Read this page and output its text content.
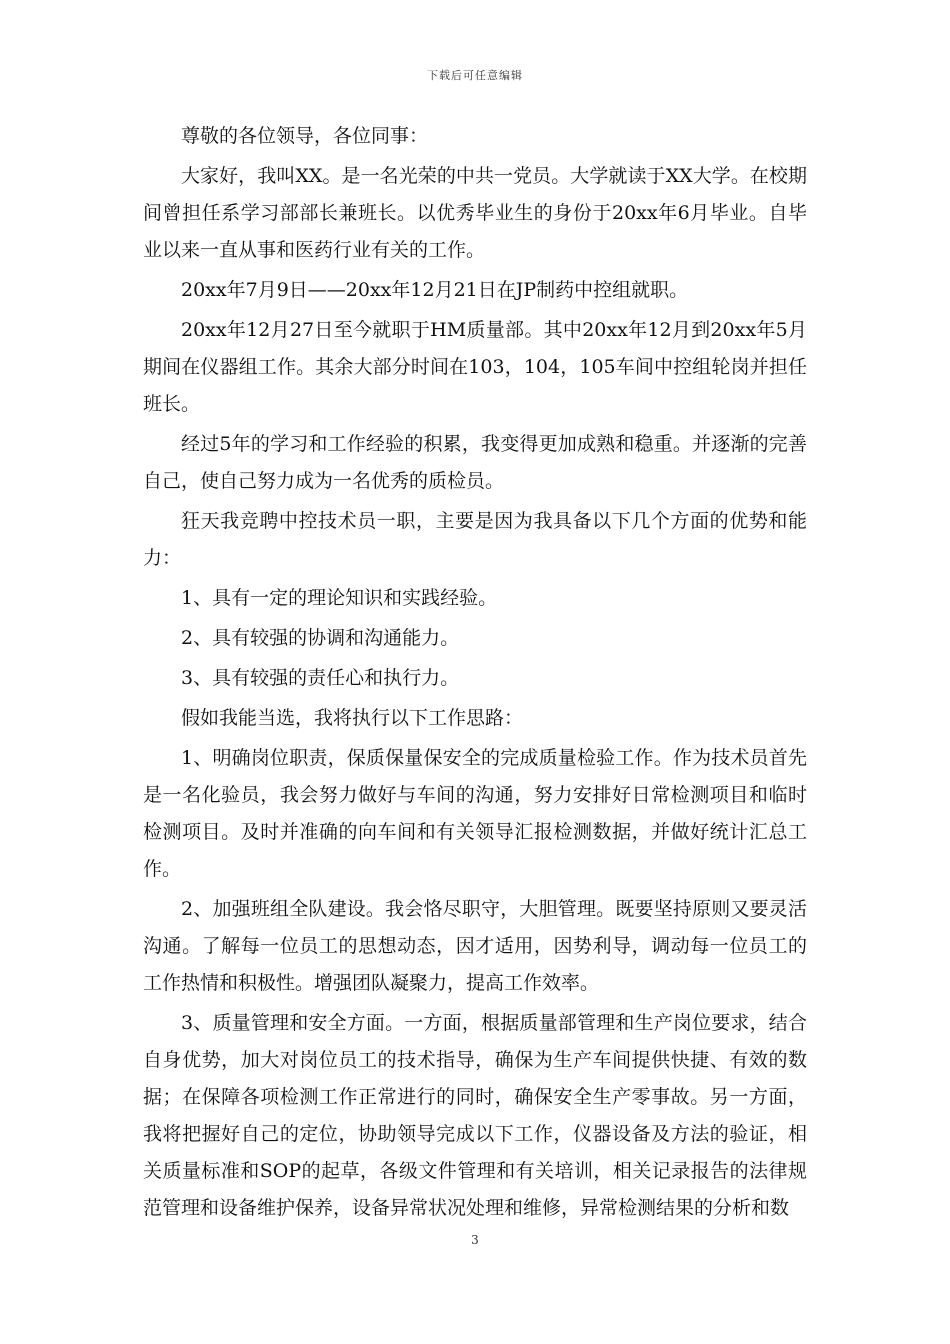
下载后可任意编辑

尊敬的各位领导，各位同事：

大家好，我叫XX。是一名光荣的中共一党员。大学就读于XX大学。在校期间曾担任系学习部部长兼班长。以优秀毕业生的身份于20xx年6月毕业。自毕业以来一直从事和医药行业有关的工作。

20xx年7月9日——20xx年12月21日在JP制药中控组就职。

20xx年12月27日至今就职于HM质量部。其中20xx年12月到20xx年5月期间在仪器组工作。其余大部分时间在103，104，105车间中控组轮岗并担任班长。

经过5年的学习和工作经验的积累，我变得更加成熟和稳重。并逐渐的完善自己，使自己努力成为一名优秀的质检员。

狂天我竞聘中控技术员一职，主要是因为我具备以下几个方面的优势和能力：

1、具有一定的理论知识和实践经验。

2、具有较强的协调和沟通能力。

3、具有较强的责任心和执行力。

假如我能当选，我将执行以下工作思路：

1、明确岗位职责，保质保量保安全的完成质量检验工作。作为技术员首先是一名化验员，我会努力做好与车间的沟通，努力安排好日常检测项目和临时检测项目。及时并准确的向车间和有关领导汇报检测数据，并做好统计汇总工作。

2、加强班组全队建设。我会恪尽职守，大胆管理。既要坚持原则又要灵活沟通。了解每一位员工的思想动态，因才适用，因势利导，调动每一位员工的工作热情和积极性。增强团队凝聚力，提高工作效率。

3、质量管理和安全方面。一方面，根据质量部管理和生产岗位要求，结合自身优势，加大对岗位员工的技术指导，确保为生产车间提供快捷、有效的数据；在保障各项检测工作正常进行的同时，确保安全生产零事故。另一方面，我将把握好自己的定位，协助领导完成以下工作，仪器设备及方法的验证，相关质量标准和SOP的起草，各级文件管理和有关培训，相关记录报告的法律规范管理和设备维护保养，设备异常状况处理和维修，异常检测结果的分析和数

3
